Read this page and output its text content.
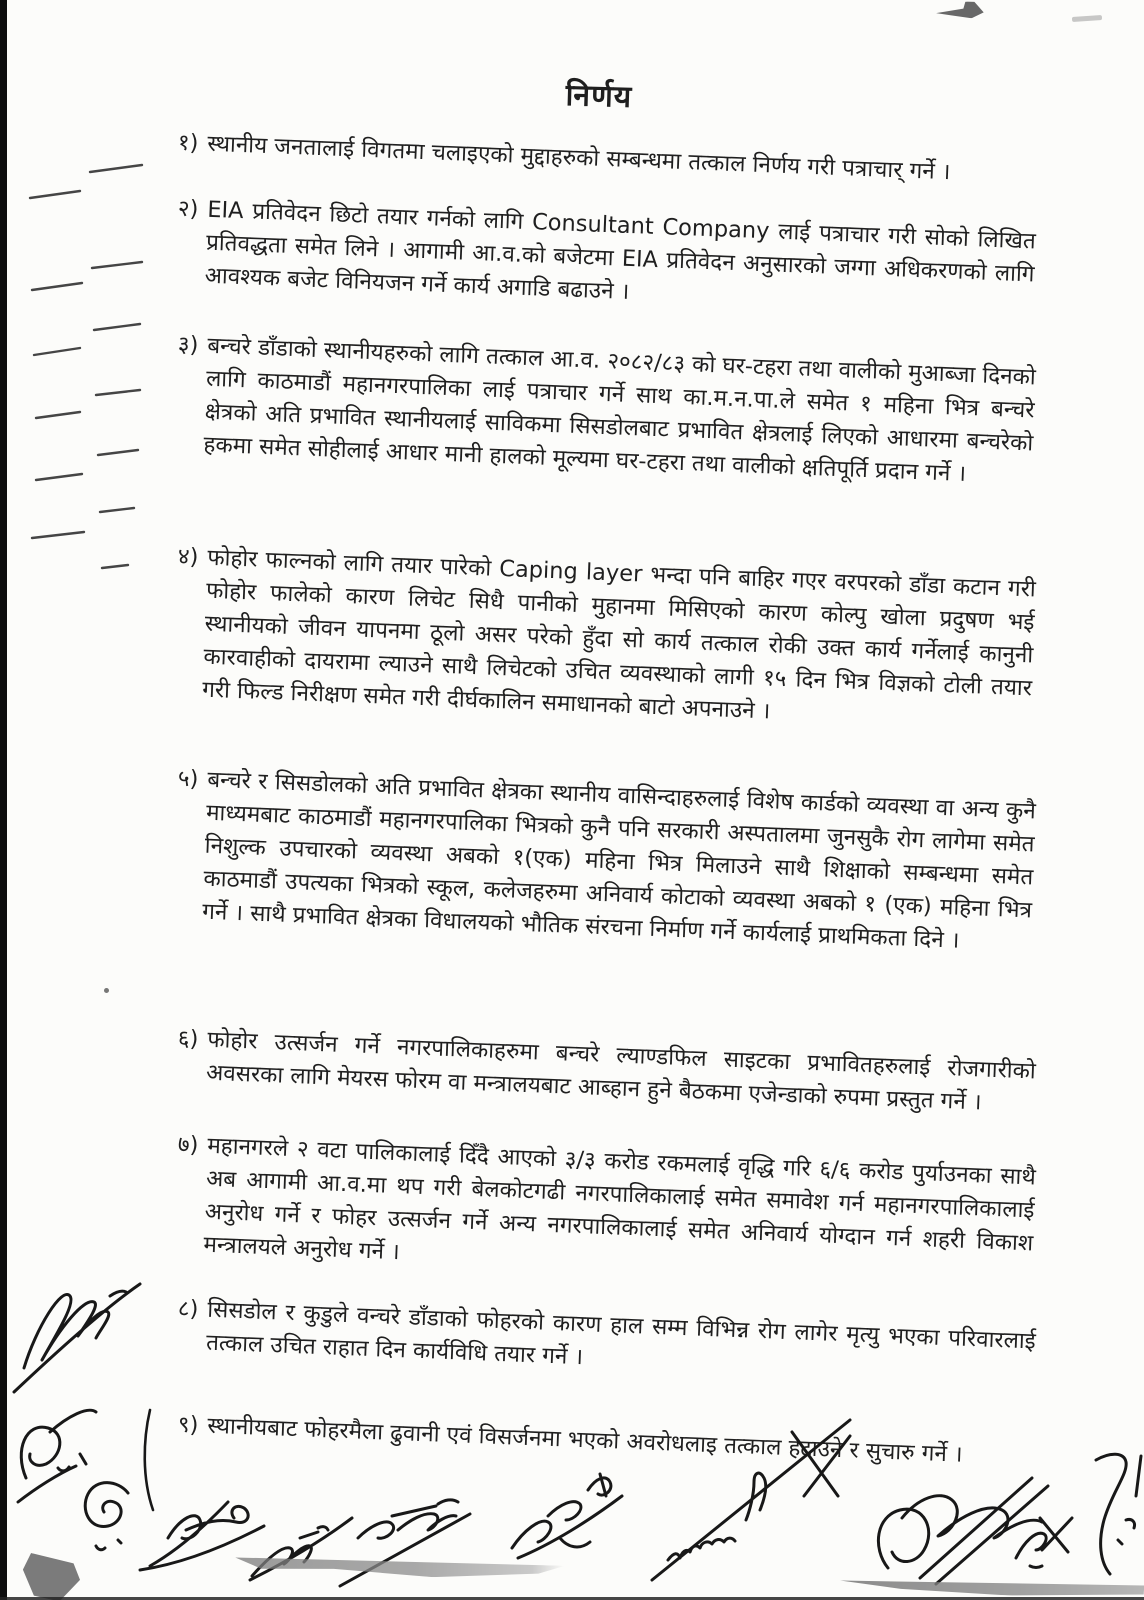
निर्णय
१) स्थानीय जनतालाई विगतमा चलाइएको मुद्दाहरुको सम्बन्धमा तत्काल निर्णय गरी पत्राचार् गर्ने ।

२) EIA प्रतिवेदन छिटो तयार गर्नको लागि Consultant Company लाई पत्राचार गरी सोको लिखित प्रतिवद्धता समेत लिने । आगामी आ.व.को बजेटमा EIA प्रतिवेदन अनुसारको जग्गा अधिकरणको लागि आवश्यक बजेट विनियजन गर्ने कार्य अगाडि बढाउने ।

३) बन्चरे डाँडाको स्थानीयहरुको लागि तत्काल आ.व. २०८२/८३ को घर-टहरा तथा वालीको मुआब्जा दिनको लागि काठमाडौं महानगरपालिका लाई पत्राचार गर्ने साथ का.म.न.पा.ले समेत १ महिना भित्र बन्चरे क्षेत्रको अति प्रभावित स्थानीयलाई साविकमा सिसडोलबाट प्रभावित क्षेत्रलाई लिएको आधारमा बन्चरेको हकमा समेत सोहीलाई आधार मानी हालको मूल्यमा घर-टहरा तथा वालीको क्षतिपूर्ति प्रदान गर्ने ।

४) फोहोर फाल्नको लागि तयार पारेको Caping layer भन्दा पनि बाहिर गएर वरपरको डाँडा कटान गरी फोहोर फालेको कारण लिचेट सिधै पानीको मुहानमा मिसिएको कारण कोल्पु खोला प्रदुषण भई स्थानीयको जीवन यापनमा ठूलो असर परेको हुँदा सो कार्य तत्काल रोकी उक्त कार्य गर्नेलाई कानुनी कारवाहीको दायरामा ल्याउने साथै लिचेटको उचित व्यवस्थाको लागी १५ दिन भित्र विज्ञको टोली तयार गरी फिल्ड निरीक्षण समेत गरी दीर्घकालिन समाधानको बाटो अपनाउने ।

५) बन्चरे र सिसडोलको अति प्रभावित क्षेत्रका स्थानीय वासिन्दाहरुलाई विशेष कार्डको व्यवस्था वा अन्य कुनै माध्यमबाट काठमाडौं महानगरपालिका भित्रको कुनै पनि सरकारी अस्पतालमा जुनसुकै रोग लागेमा समेत निशुल्क उपचारको व्यवस्था अबको १(एक) महिना भित्र मिलाउने साथै शिक्षाको सम्बन्धमा समेत काठमाडौं उपत्यका भित्रको स्कूल, कलेजहरुमा अनिवार्य कोटाको व्यवस्था अबको १ (एक) महिना भित्र गर्ने । साथै प्रभावित क्षेत्रका विधालयको भौतिक संरचना निर्माण गर्ने कार्यलाई प्राथमिकता दिने ।

६) फोहोर उत्सर्जन गर्ने नगरपालिकाहरुमा बन्चरे ल्याण्डफिल साइटका प्रभावितहरुलाई रोजगारीको अवसरका लागि मेयरस फोरम वा मन्त्रालयबाट आब्हान हुने बैठकमा एजेन्डाको रुपमा प्रस्तुत गर्ने ।

७) महानगरले २ वटा पालिकालाई दिँदै आएको ३/३ करोड रकमलाई वृद्धि गरि ६/६ करोड पुर्याउनका साथै अब आगामी आ.व.मा थप गरी बेलकोटगढी नगरपालिकालाई समेत समावेश गर्न महानगरपालिकालाई अनुरोध गर्ने र फोहर उत्सर्जन गर्ने अन्य नगरपालिकालाई समेत अनिवार्य योग्दान गर्न शहरी विकाश मन्त्रालयले अनुरोध गर्ने ।

८) सिसडोल र कुडुले वन्चरे डाँडाको फोहरको कारण हाल सम्म विभिन्न रोग लागेर मृत्यु भएका परिवारलाई तत्काल उचित राहात दिन कार्यविधि तयार गर्ने ।

९) स्थानीयबाट फोहरमैला ढुवानी एवं विसर्जनमा भएको अवरोधलाइ तत्काल हटाउने र सुचारु गर्ने ।
